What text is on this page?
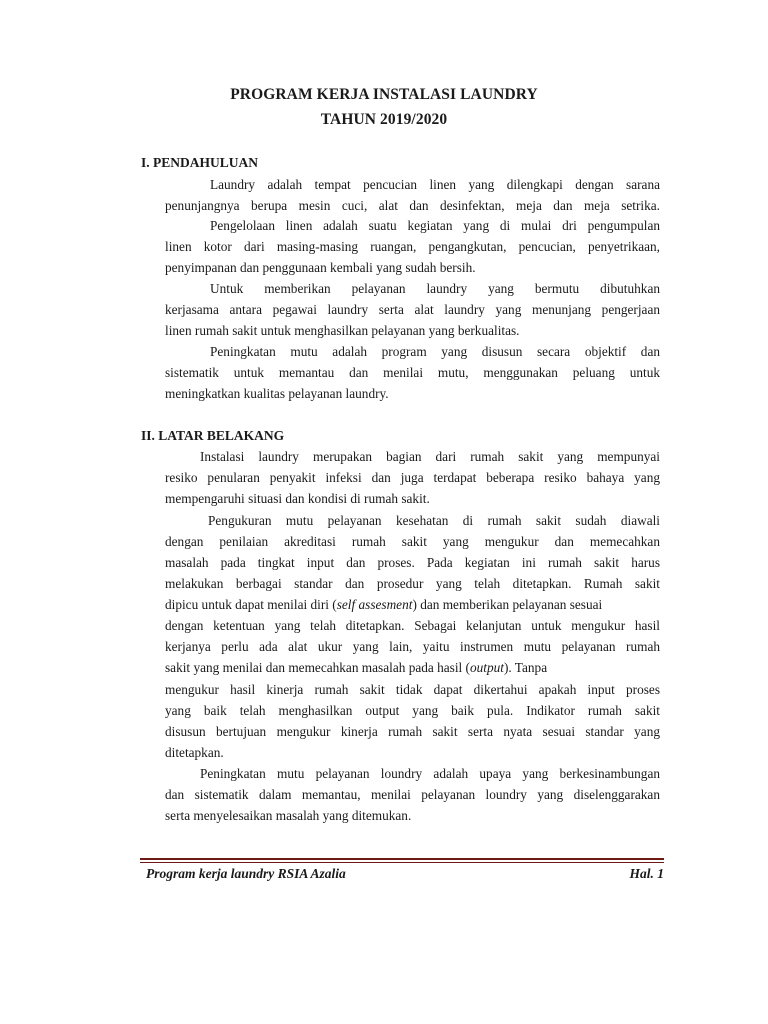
PROGRAM KERJA INSTALASI LAUNDRY
TAHUN 2019/2020
I. PENDAHULUAN
Laundry adalah tempat pencucian linen yang dilengkapi dengan sarana
penunjangnya berupa mesin cuci, alat dan desinfektan, meja dan meja setrika.
Pengelolaan linen adalah suatu kegiatan yang di mulai dri pengumpulan
linen kotor dari masing-masing ruangan, pengangkutan, pencucian, penyetrikaan,
penyimpanan dan penggunaan kembali yang sudah bersih.
Untuk memberikan pelayanan laundry yang bermutu dibutuhkan
kerjasama antara pegawai laundry serta alat laundry yang menunjang pengerjaan
linen rumah sakit untuk menghasilkan pelayanan yang berkualitas.
Peningkatan mutu adalah program yang disusun secara objektif dan
sistematik untuk memantau dan menilai mutu, menggunakan peluang untuk
meningkatkan kualitas pelayanan laundry.
II. LATAR BELAKANG
Instalasi laundry merupakan bagian dari rumah sakit yang mempunyai
resiko penularan penyakit infeksi dan juga terdapat beberapa resiko bahaya yang
mempengaruhi situasi dan kondisi di rumah sakit.
Pengukuran mutu pelayanan kesehatan di rumah sakit sudah diawali
dengan penilaian akreditasi rumah sakit yang mengukur dan memecahkan
masalah pada tingkat input dan proses. Pada kegiatan ini rumah sakit harus
melakukan berbagai standar dan prosedur yang telah ditetapkan. Rumah sakit
dipicu untuk dapat menilai diri (self assesment) dan memberikan pelayanan sesuai
dengan ketentuan yang telah ditetapkan. Sebagai kelanjutan untuk mengukur hasil
kerjanya perlu ada alat ukur yang lain, yaitu instrumen mutu pelayanan rumah
sakit yang menilai dan memecahkan masalah pada hasil (output). Tanpa
mengukur hasil kinerja rumah sakit tidak dapat dikertahui apakah input proses
yang baik telah menghasilkan output yang baik pula. Indikator rumah sakit
disusun bertujuan mengukur kinerja rumah sakit serta nyata sesuai standar yang
ditetapkan.
Peningkatan mutu pelayanan loundry adalah upaya yang berkesinambungan
dan sistematik dalam memantau, menilai pelayanan loundry yang diselenggarakan
serta menyelesaikan masalah yang ditemukan.
Program kerja laundry RSIA Azalia	Hal. 1
